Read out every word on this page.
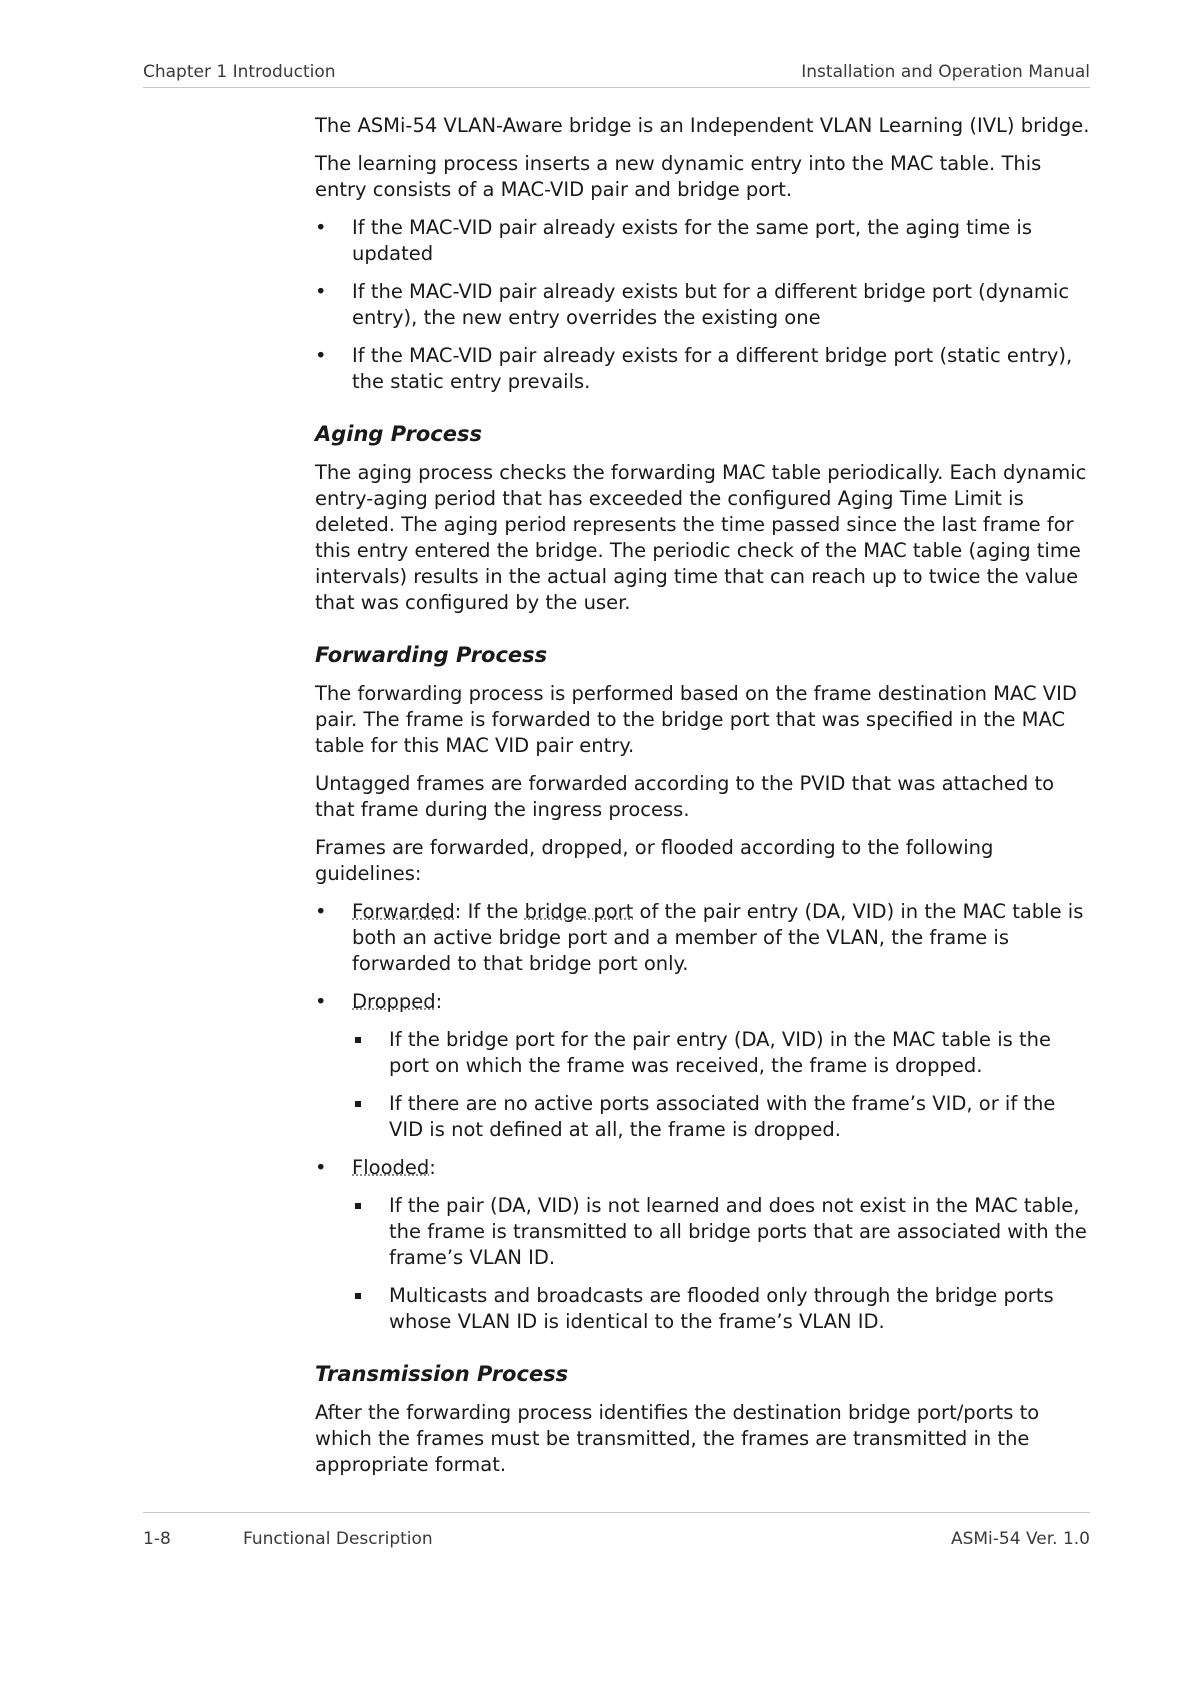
Chapter 1 Introduction	Installation and Operation Manual

The ASMi-54 VLAN-Aware bridge is an Independent VLAN Learning (IVL) bridge.

The learning process inserts a new dynamic entry into the MAC table. This entry consists of a MAC-VID pair and bridge port.

• If the MAC-VID pair already exists for the same port, the aging time is updated
• If the MAC-VID pair already exists but for a different bridge port (dynamic entry), the new entry overrides the existing one
• If the MAC-VID pair already exists for a different bridge port (static entry), the static entry prevails.
Aging Process

The aging process checks the forwarding MAC table periodically. Each dynamic entry-aging period that has exceeded the configured Aging Time Limit is deleted. The aging period represents the time passed since the last frame for this entry entered the bridge. The periodic check of the MAC table (aging time intervals) results in the actual aging time that can reach up to twice the value that was configured by the user.

Forwarding Process

The forwarding process is performed based on the frame destination MAC VID pair. The frame is forwarded to the bridge port that was specified in the MAC table for this MAC VID pair entry.

Untagged frames are forwarded according to the PVID that was attached to that frame during the ingress process.

Frames are forwarded, dropped, or flooded according to the following guidelines:

• Forwarded: If the bridge port of the pair entry (DA, VID) in the MAC table is both an active bridge port and a member of the VLAN, the frame is forwarded to that bridge port only.
• Dropped:
If the bridge port for the pair entry (DA, VID) in the MAC table is the port on which the frame was received, the frame is dropped.
If there are no active ports associated with the frame’s VID, or if the VID is not defined at all, the frame is dropped.
• Flooded:
If the pair (DA, VID) is not learned and does not exist in the MAC table, the frame is transmitted to all bridge ports that are associated with the frame’s VLAN ID.
Multicasts and broadcasts are flooded only through the bridge ports whose VLAN ID is identical to the frame’s VLAN ID.
Transmission Process

After the forwarding process identifies the destination bridge port/ports to which the frames must be transmitted, the frames are transmitted in the appropriate format.

1-8	Functional Description	ASMi-54 Ver. 1.0
